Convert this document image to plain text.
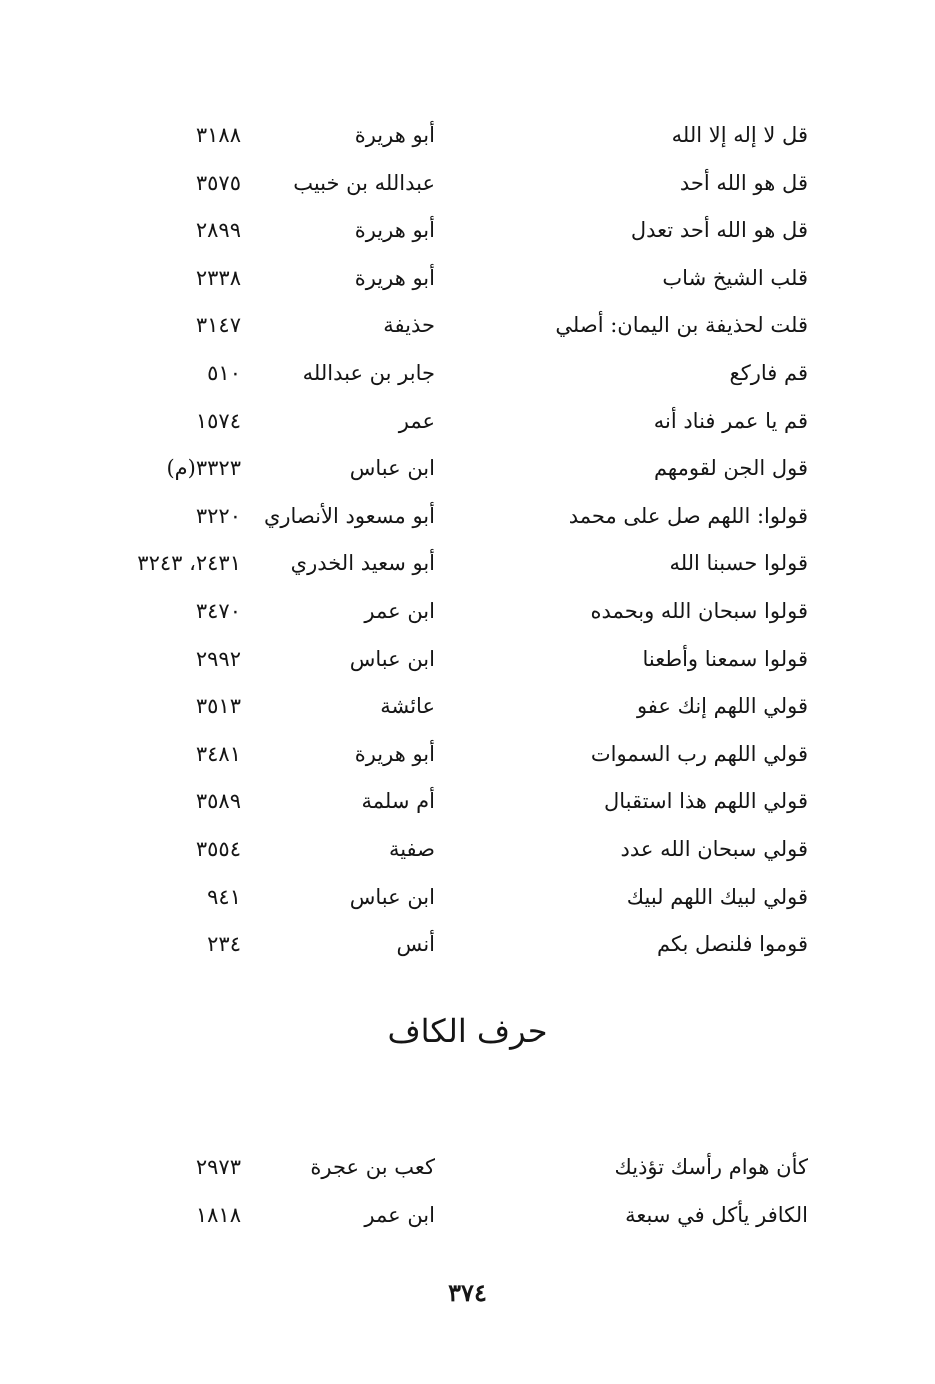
قل لا إله إلا الله
أبو هريرة
٣١٨٨
قل هو الله أحد
عبدالله بن خبيب
٣٥٧٥
قل هو الله أحد تعدل
أبو هريرة
٢٨٩٩
قلب الشيخ شاب
أبو هريرة
٢٣٣٨
قلت لحذيفة بن اليمان: أصلي
حذيفة
٣١٤٧
قم فاركع
جابر بن عبدالله
٥١٠
قم يا عمر فناد أنه
عمر
١٥٧٤
قول الجن لقومهم
ابن عباس
٣٣٢٣(م)
قولوا: اللهم صل على محمد
أبو مسعود الأنصاري
٣٢٢٠
قولوا حسبنا الله
أبو سعيد الخدري
٢٤٣١، ٣٢٤٣
قولوا سبحان الله وبحمده
ابن عمر
٣٤٧٠
قولوا سمعنا وأطعنا
ابن عباس
٢٩٩٢
قولي اللهم إنك عفو
عائشة
٣٥١٣
قولي اللهم رب السموات
أبو هريرة
٣٤٨١
قولي اللهم هذا استقبال
أم سلمة
٣٥٨٩
قولي سبحان الله عدد
صفية
٣٥٥٤
قولي لبيك اللهم لبيك
ابن عباس
٩٤١
قوموا فلنصل بكم
أنس
٢٣٤
حرف الكاف
كأن هوام رأسك تؤذيك
كعب بن عجرة
٢٩٧٣
الكافر يأكل في سبعة
ابن عمر
١٨١٨
٣٧٤
